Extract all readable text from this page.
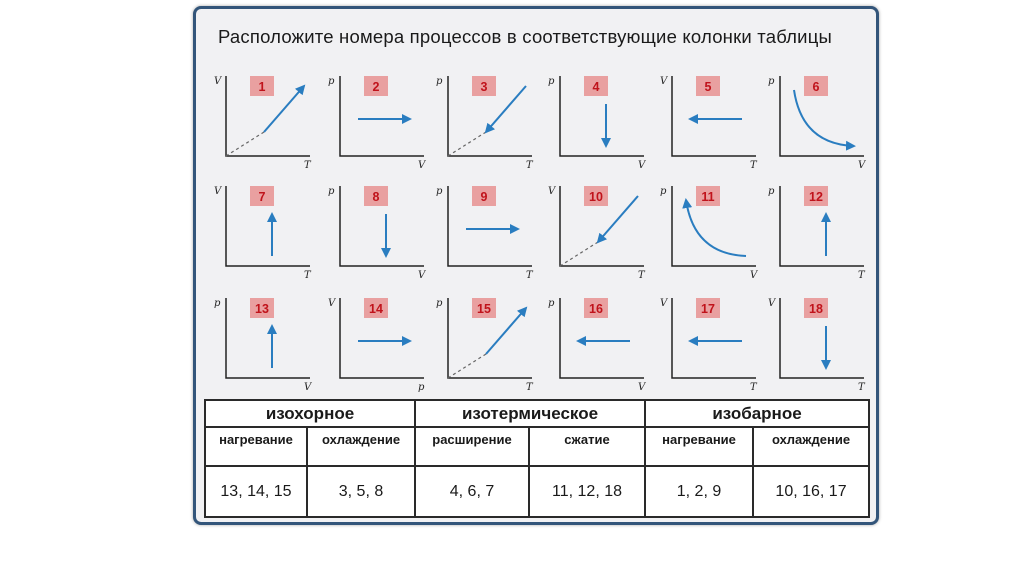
Расположите номера процессов в соответствующие колонки таблицы
V
T
1	p
V
2	p
T
3	p
V
4	V
T
5	p
V
6
V
T
7	p
V
8	p
T
9	V
T
10	p
V
11	p
T
12
p
V
13	V
p
14	p
T
15	p
V
16	V
T
17	V
T
18
изохорное		изотермическое		изобарное	
нагревание	охлаждение	расширение	сжатие	нагревание	охлаждение
13, 14, 15	3, 5, 8	4, 6, 7	11, 12, 18	1, 2, 9	10, 16, 17
